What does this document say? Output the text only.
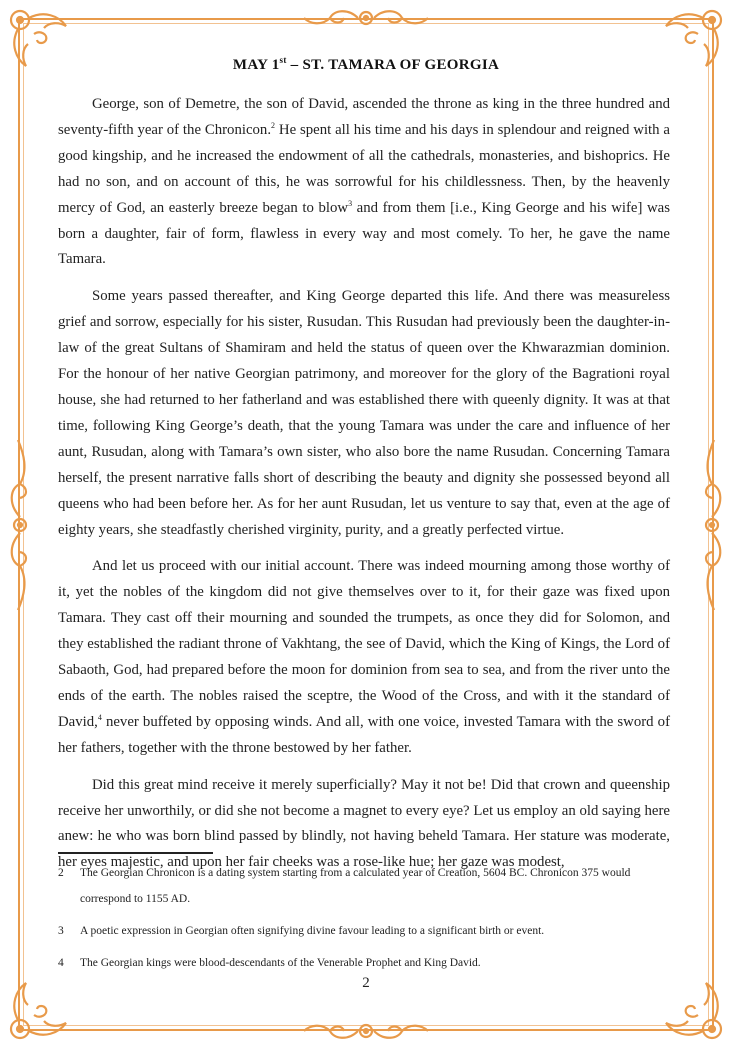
MAY 1st – ST. TAMARA OF GEORGIA

George, son of Demetre, the son of David, ascended the throne as king in the three hundred and seventy-fifth year of the Chronicon.$^2$ He spent all his time and his days in splendour and reigned with a good kingship, and he increased the endowment of all the cathedrals, monasteries, and bishoprics. He had no son, and on account of this, he was sorrowful for his childlessness. Then, by the heavenly mercy of God, an easterly breeze began to blow$^3$ and from them [i.e., King George and his wife] was born a daughter, fair of form, flawless in every way and most comely. To her, he gave the name Tamara.

Some years passed thereafter, and King George departed this life. And there was measureless grief and sorrow, especially for his sister, Rusudan. This Rusudan had previously been the daughter-in-law of the great Sultans of Shamiram and held the status of queen over the Khwarazmian dominion. For the honour of her native Georgian patrimony, and moreover for the glory of the Bagrationi royal house, she had returned to her fatherland and was established there with queenly dignity. It was at that time, following King George’s death, that the young Tamara was under the care and influence of her aunt, Rusudan, along with Tamara’s own sister, who also bore the name Rusudan. Concerning Tamara herself, the present narrative falls short of describing the beauty and dignity she possessed beyond all queens who had been before her. As for her aunt Rusudan, let us venture to say that, even at the age of eighty years, she steadfastly cherished virginity, purity, and a greatly perfected virtue.

And let us proceed with our initial account. There was indeed mourning among those worthy of it, yet the nobles of the kingdom did not give themselves over to it, for their gaze was fixed upon Tamara. They cast off their mourning and sounded the trumpets, as once they did for Solomon, and they established the radiant throne of Vakhtang, the see of David, which the King of Kings, the Lord of Sabaoth, God, had prepared before the moon for dominion from sea to sea, and from the river unto the ends of the earth. The nobles raised the sceptre, the Wood of the Cross, and with it the standard of David,$^4$ never buffeted by opposing winds. And all, with one voice, invested Tamara with the sword of her fathers, together with the throne bestowed by her father.

Did this great mind receive it merely superficially? May it not be! Did that crown and queenship receive her unworthily, or did she not become a magnet to every eye? Let us employ an old saying here anew: he who was born blind passed by blindly, not having beheld Tamara. Her stature was moderate, her eyes majestic, and upon her fair cheeks was a rose-like hue; her gaze was modest,

2	The Georgian Chronicon is a dating system starting from a calculated year of Creation, 5604 BC. Chronicon 375 would correspond to 1155 AD.
3	A poetic expression in Georgian often signifying divine favour leading to a significant birth or event.
4	The Georgian kings were blood-descendants of the Venerable Prophet and King David.
2
